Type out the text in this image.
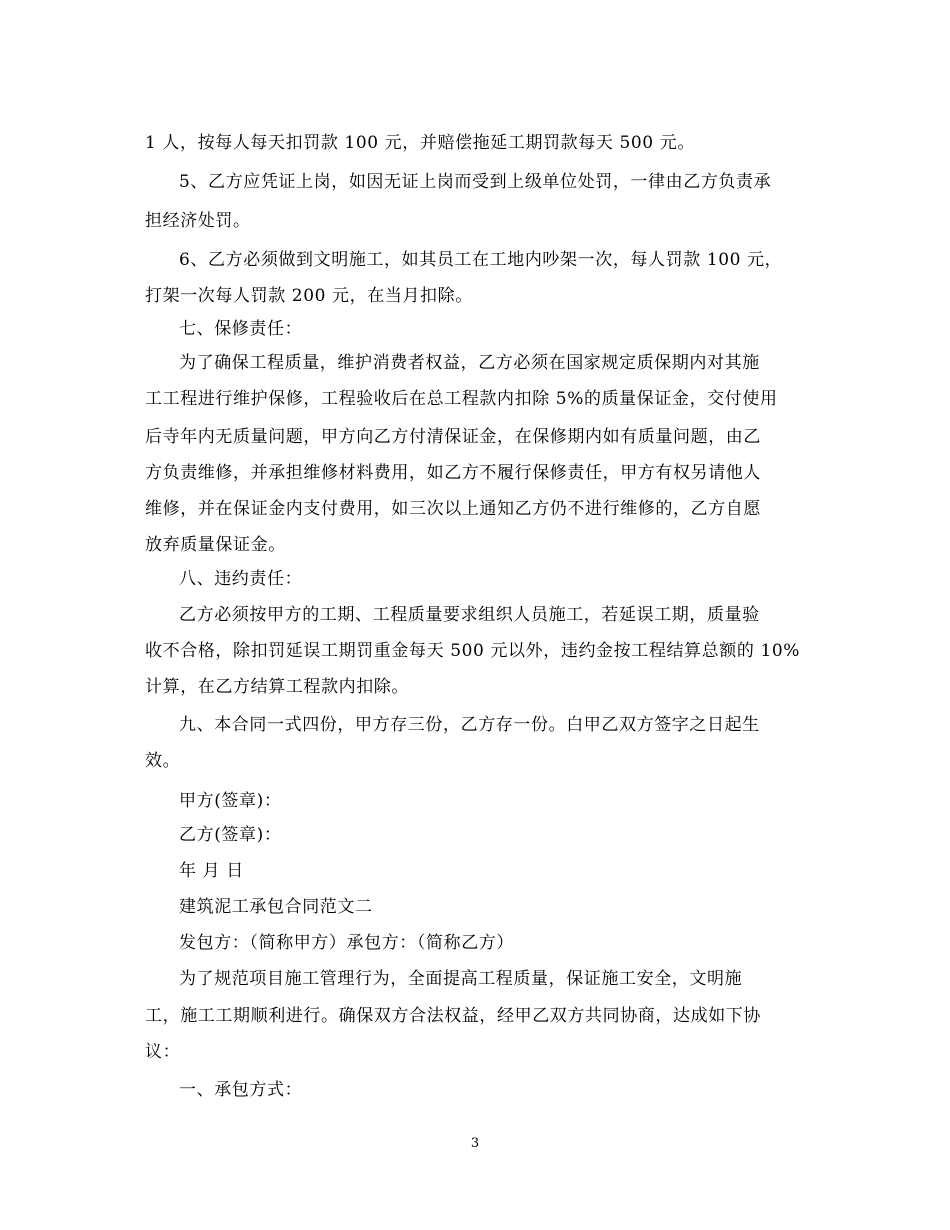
1 人，按每人每天扣罚款 100 元，并赔偿拖延工期罚款每天 500 元。
5、乙方应凭证上岗，如因无证上岗而受到上级单位处罚，一律由乙方负责承
担经济处罚。
6、乙方必须做到文明施工，如其员工在工地内吵架一次，每人罚款 100 元，
打架一次每人罚款 200 元，在当月扣除。
七、保修责任：
为了确保工程质量，维护消费者权益，乙方必须在国家规定质保期内对其施
工工程进行维护保修，工程验收后在总工程款内扣除 5%的质量保证金，交付使用
后寺年内无质量问题，甲方向乙方付清保证金，在保修期内如有质量问题，由乙
方负责维修，并承担维修材料费用，如乙方不履行保修责任，甲方有权另请他人
维修，并在保证金内支付费用，如三次以上通知乙方仍不进行维修的，乙方自愿
放弃质量保证金。
八、违约责任：
乙方必须按甲方的工期、工程质量要求组织人员施工，若延误工期，质量验
收不合格，除扣罚延误工期罚重金每天 500 元以外，违约金按工程结算总额的 10%
计算，在乙方结算工程款内扣除。
九、本合同一式四份，甲方存三份，乙方存一份。白甲乙双方签字之日起生
效。
甲方(签章)：
乙方(签章)：
年 月 日
建筑泥工承包合同范文二
发包方：（简称甲方）承包方：（简称乙方）
为了规范项目施工管理行为，全面提高工程质量，保证施工安全，文明施
工，施工工期顺利进行。确保双方合法权益，经甲乙双方共同协商，达成如下协
议：
一、承包方式：
3
